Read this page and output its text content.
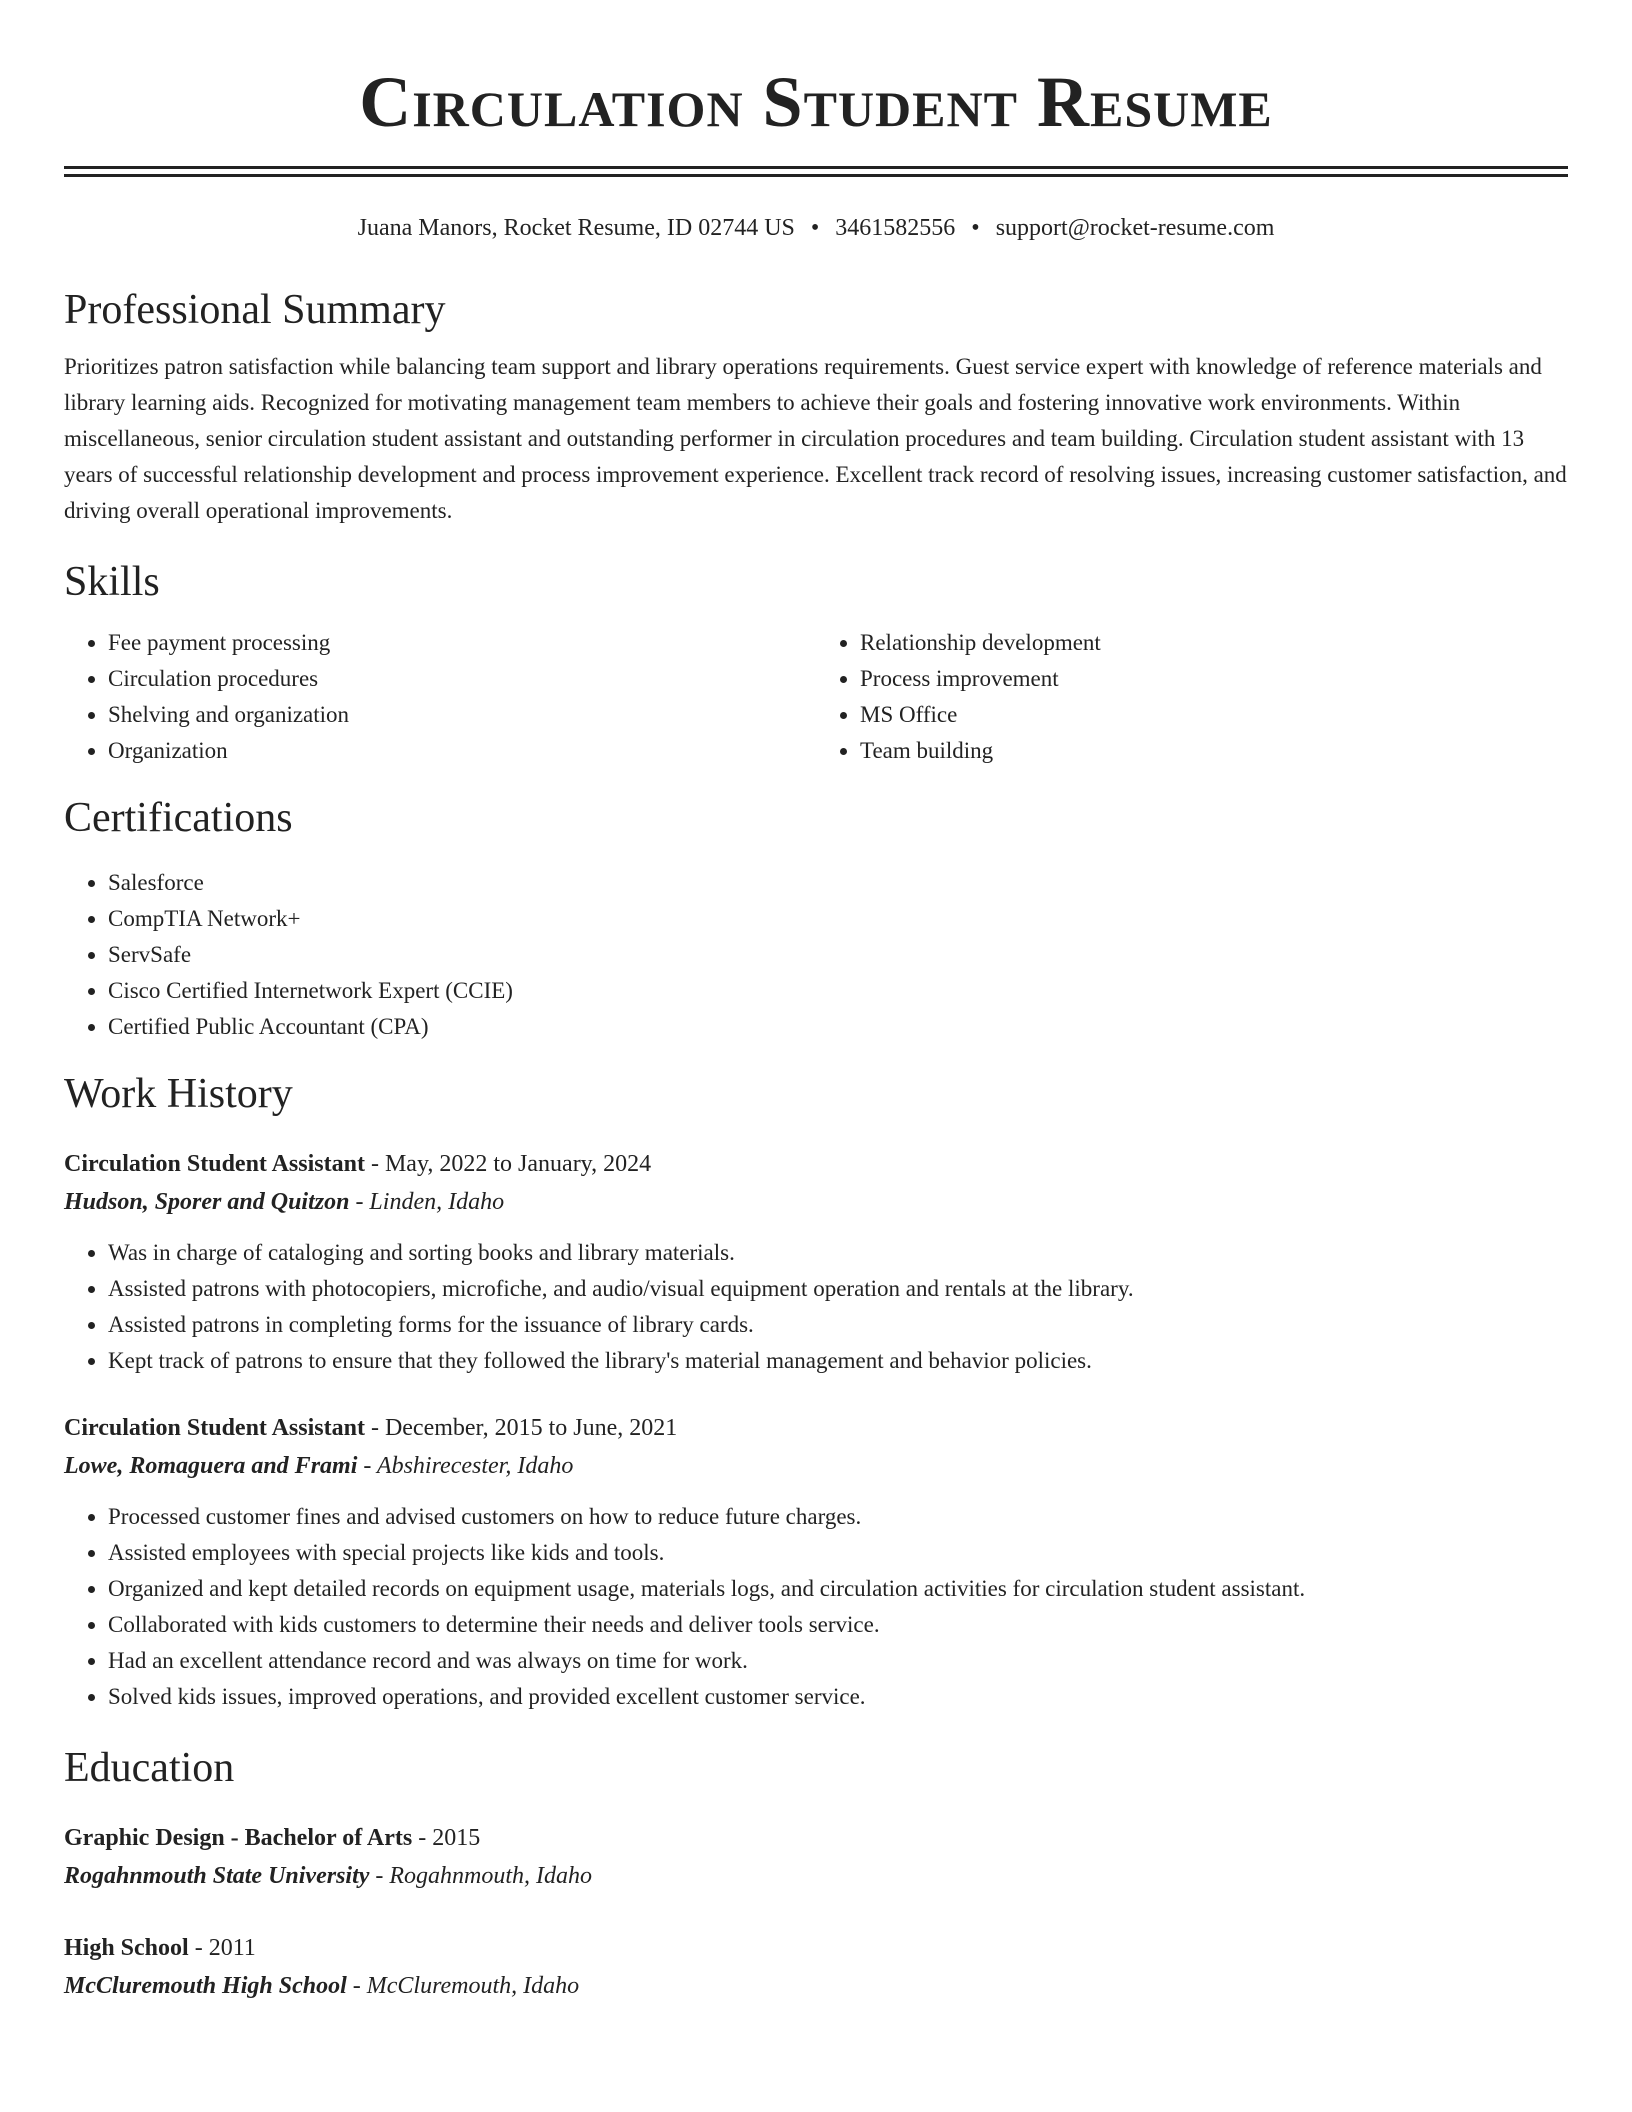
Circulation Student Resume
Juana Manors, Rocket Resume, ID 02744 US • 3461582556 • support@rocket-resume.com
Professional Summary

Prioritizes patron satisfaction while balancing team support and library operations requirements. Guest service expert with knowledge of reference materials and library learning aids. Recognized for motivating management team members to achieve their goals and fostering innovative work environments. Within miscellaneous, senior circulation student assistant and outstanding performer in circulation procedures and team building. Circulation student assistant with 13 years of successful relationship development and process improvement experience. Excellent track record of resolving issues, increasing customer satisfaction, and driving overall operational improvements.

Skills
• Fee payment processing
• Circulation procedures
• Shelving and organization
• Organization
• Relationship development
• Process improvement
• MS Office
• Team building
Certifications
• Salesforce
• CompTIA Network+
• ServSafe
• Cisco Certified Internetwork Expert (CCIE)
• Certified Public Accountant (CPA)
Work History
Circulation Student Assistant - May, 2022 to January, 2024
Hudson, Sporer and Quitzon - Linden, Idaho
• Was in charge of cataloging and sorting books and library materials.
• Assisted patrons with photocopiers, microfiche, and audio/visual equipment operation and rentals at the library.
• Assisted patrons in completing forms for the issuance of library cards.
• Kept track of patrons to ensure that they followed the library's material management and behavior policies.
Circulation Student Assistant - December, 2015 to June, 2021
Lowe, Romaguera and Frami - Abshirecester, Idaho
• Processed customer fines and advised customers on how to reduce future charges.
• Assisted employees with special projects like kids and tools.
• Organized and kept detailed records on equipment usage, materials logs, and circulation activities for circulation student assistant.
• Collaborated with kids customers to determine their needs and deliver tools service.
• Had an excellent attendance record and was always on time for work.
• Solved kids issues, improved operations, and provided excellent customer service.
Education
Graphic Design - Bachelor of Arts - 2015
Rogahnmouth State University - Rogahnmouth, Idaho
High School - 2011
McCluremouth High School - McCluremouth, Idaho
